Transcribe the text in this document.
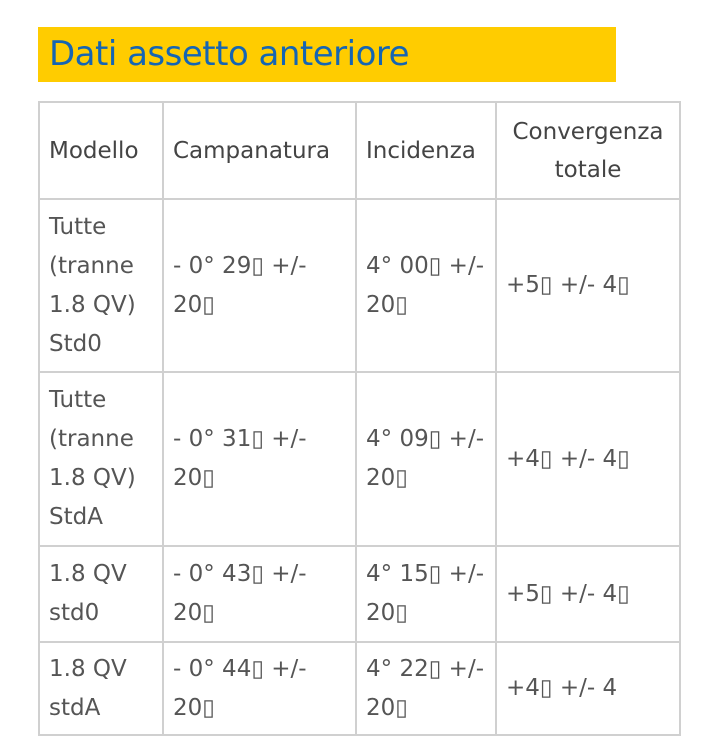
Dati assetto anteriore
Modello	Campanatura	Incidenza	Convergenza totale
Tutte (tranne 1.8 QV) Std0	- 0° 29▯ +/- 20▯	4° 00▯ +/- 20▯	+5▯ +/- 4▯
Tutte (tranne 1.8 QV) StdA	- 0° 31▯ +/- 20▯	4° 09▯ +/- 20▯	+4▯ +/- 4▯
1.8 QV std0	- 0° 43▯ +/- 20▯	4° 15▯ +/- 20▯	+5▯ +/- 4▯
1.8 QV stdA	- 0° 44▯ +/- 20▯	4° 22▯ +/- 20▯	+4▯ +/- 4
